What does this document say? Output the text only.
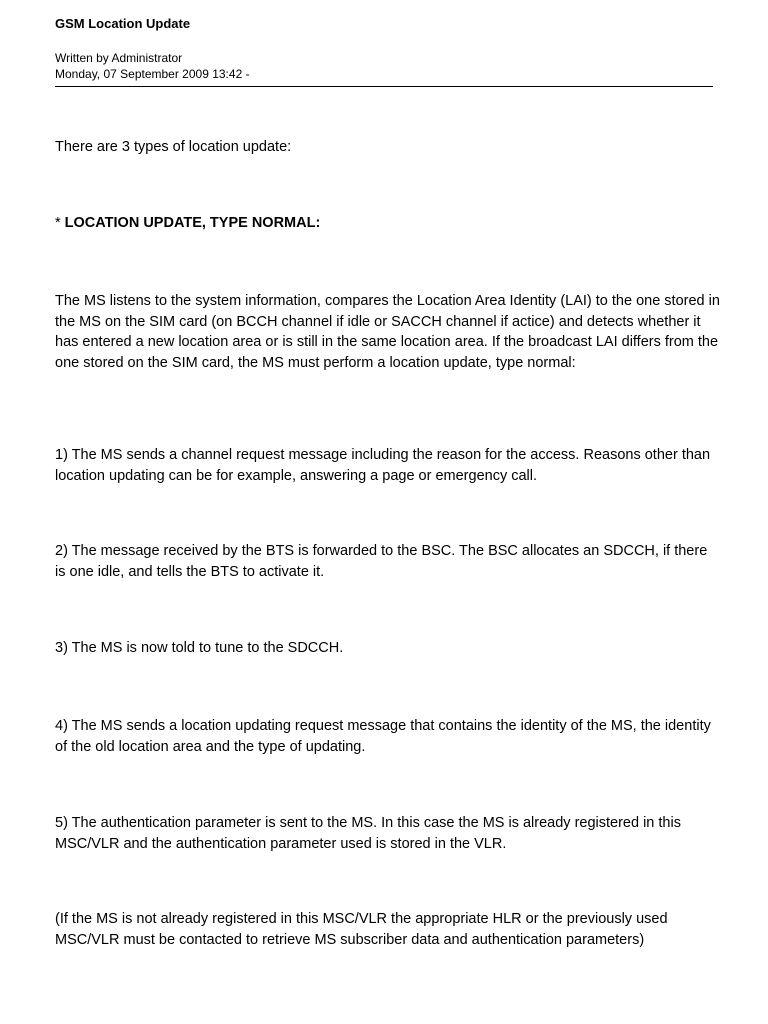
GSM Location Update
Written by Administrator
Monday, 07 September 2009 13:42 -

There are 3 types of location update:

* LOCATION UPDATE, TYPE NORMAL:

The MS listens to the system information, compares the Location Area Identity (LAI) to the one stored in the MS on the SIM card (on BCCH channel if idle or SACCH channel if actice) and detects whether it has entered a new location area or is still in the same location area. If the broadcast LAI differs from the one stored on the SIM card, the MS must perform a location update, type normal:

1) The MS sends a channel request message including the reason for the access. Reasons other than location updating can be for example, answering a page or emergency call.

2) The message received by the BTS is forwarded to the BSC. The BSC allocates an SDCCH, if there is one idle, and tells the BTS to activate it.

3) The MS is now told to tune to the SDCCH.

4) The MS sends a location updating request message that contains the identity of the MS, the identity of the old location area and the type of updating.

5) The authentication parameter is sent to the MS. In this case the MS is already registered in this MSC/VLR and the authentication parameter used is stored in the VLR.

(If the MS is not already registered in this MSC/VLR the appropriate HLR or the previously used MSC/VLR must be contacted to retrieve MS subscriber data and authentication parameters)
